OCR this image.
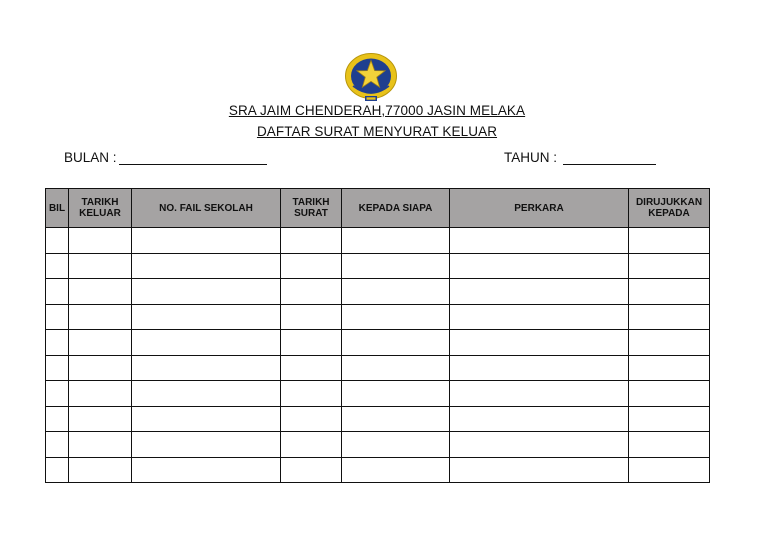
SRA JAIM CHENDERAH,77000 JASIN MELAKA
DAFTAR SURAT MENYURAT KELUAR
BULAN :	TAHUN :
BIL	TARIKH KELUAR	NO. FAIL SEKOLAH	TARIKH SURAT	KEPADA SIAPA	PERKARA	DIRUJUKKAN KEPADA
